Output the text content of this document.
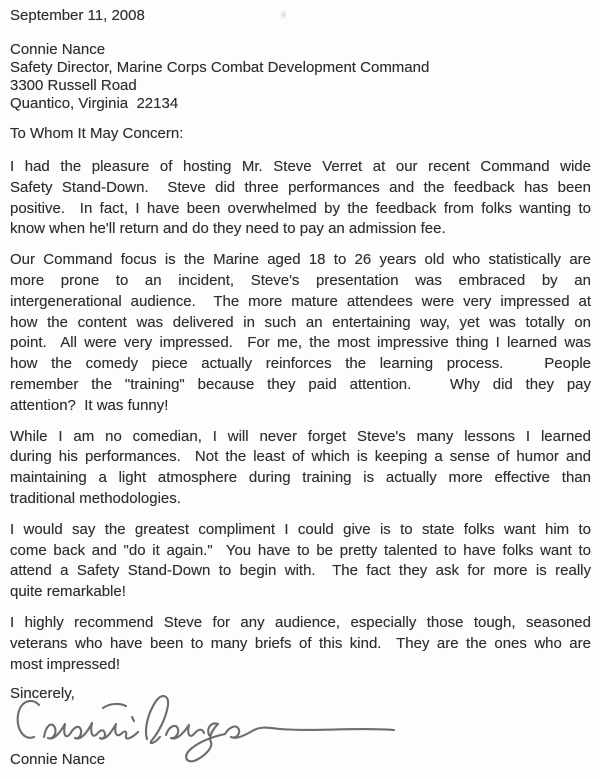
September 11, 2008
Connie Nance
Safety Director, Marine Corps Combat Development Command
3300 Russell Road
Quantico, Virginia  22134
To Whom It May Concern:
I had the pleasure of hosting Mr. Steve Verret at our recent Command wide
Safety Stand-Down.  Steve did three performances and the feedback has been
positive.  In fact, I have been overwhelmed by the feedback from folks wanting to
know when he'll return and do they need to pay an admission fee.
Our Command focus is the Marine aged 18 to 26 years old who statistically are
more prone to an incident, Steve's presentation was embraced by an
intergenerational audience.  The more mature attendees were very impressed at
how the content was delivered in such an entertaining way, yet was totally on
point.  All were very impressed.  For me, the most impressive thing I learned was
how the comedy piece actually reinforces the learning process.   People
remember the "training" because they paid attention.   Why did they pay
attention?  It was funny!
While I am no comedian, I will never forget Steve's many lessons I learned
during his performances.  Not the least of which is keeping a sense of humor and
maintaining a light atmosphere during training is actually more effective than
traditional methodologies.
I would say the greatest compliment I could give is to state folks want him to
come back and "do it again."  You have to be pretty talented to have folks want to
attend a Safety Stand-Down to begin with.  The fact they ask for more is really
quite remarkable!
I highly recommend Steve for any audience, especially those tough, seasoned
veterans who have been to many briefs of this kind.  They are the ones who are
most impressed!
Sincerely,
Connie Nance
